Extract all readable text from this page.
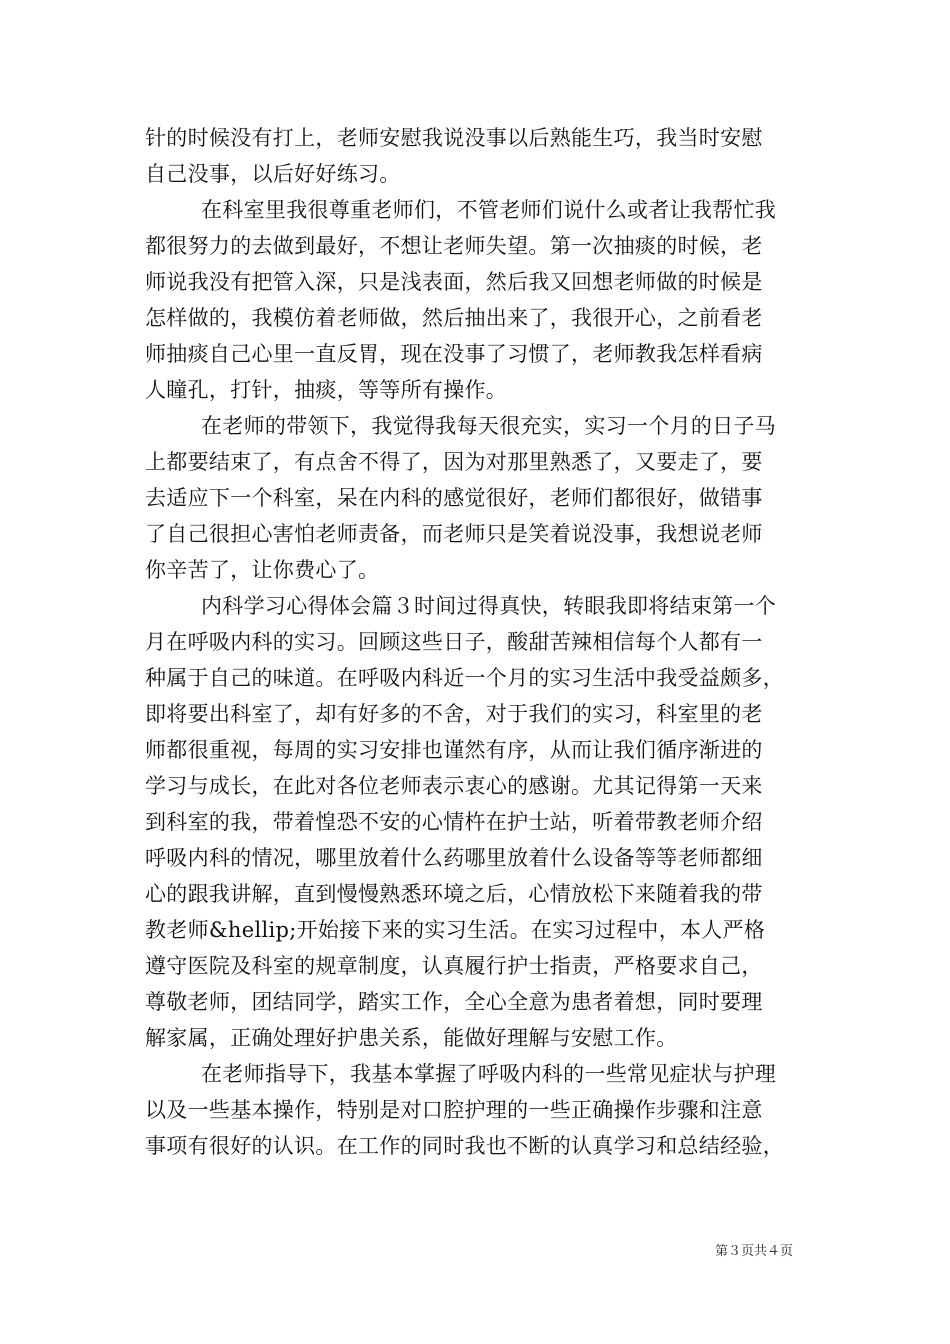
针的时候没有打上，老师安慰我说没事以后熟能生巧，我当时安慰
自己没事，以后好好练习。
在科室里我很尊重老师们，不管老师们说什么或者让我帮忙我
都很努力的去做到最好，不想让老师失望。第一次抽痰的时候，老
师说我没有把管入深，只是浅表面，然后我又回想老师做的时候是
怎样做的，我模仿着老师做，然后抽出来了，我很开心，之前看老
师抽痰自己心里一直反胃，现在没事了习惯了，老师教我怎样看病
人瞳孔，打针，抽痰，等等所有操作。
在老师的带领下，我觉得我每天很充实，实习一个月的日子马
上都要结束了，有点舍不得了，因为对那里熟悉了，又要走了，要
去适应下一个科室，呆在内科的感觉很好，老师们都很好，做错事
了自己很担心害怕老师责备，而老师只是笑着说没事，我想说老师
你辛苦了，让你费心了。
内科学习心得体会篇３时间过得真快，转眼我即将结束第一个
月在呼吸内科的实习。回顾这些日子，酸甜苦辣相信每个人都有一
种属于自己的味道。在呼吸内科近一个月的实习生活中我受益颇多，
即将要出科室了，却有好多的不舍，对于我们的实习，科室里的老
师都很重视，每周的实习安排也谨然有序，从而让我们循序渐进的
学习与成长，在此对各位老师表示衷心的感谢。尤其记得第一天来
到科室的我，带着惶恐不安的心情杵在护士站，听着带教老师介绍
呼吸内科的情况，哪里放着什么药哪里放着什么设备等等老师都细
心的跟我讲解，直到慢慢熟悉环境之后，心情放松下来随着我的带
教老师&hellip;开始接下来的实习生活。在实习过程中，本人严格
遵守医院及科室的规章制度，认真履行护士指责，严格要求自己，
尊敬老师，团结同学，踏实工作，全心全意为患者着想，同时要理
解家属，正确处理好护患关系，能做好理解与安慰工作。
在老师指导下，我基本掌握了呼吸内科的一些常见症状与护理
以及一些基本操作，特别是对口腔护理的一些正确操作步骤和注意
事项有很好的认识。在工作的同时我也不断的认真学习和总结经验，
第３页共４页
